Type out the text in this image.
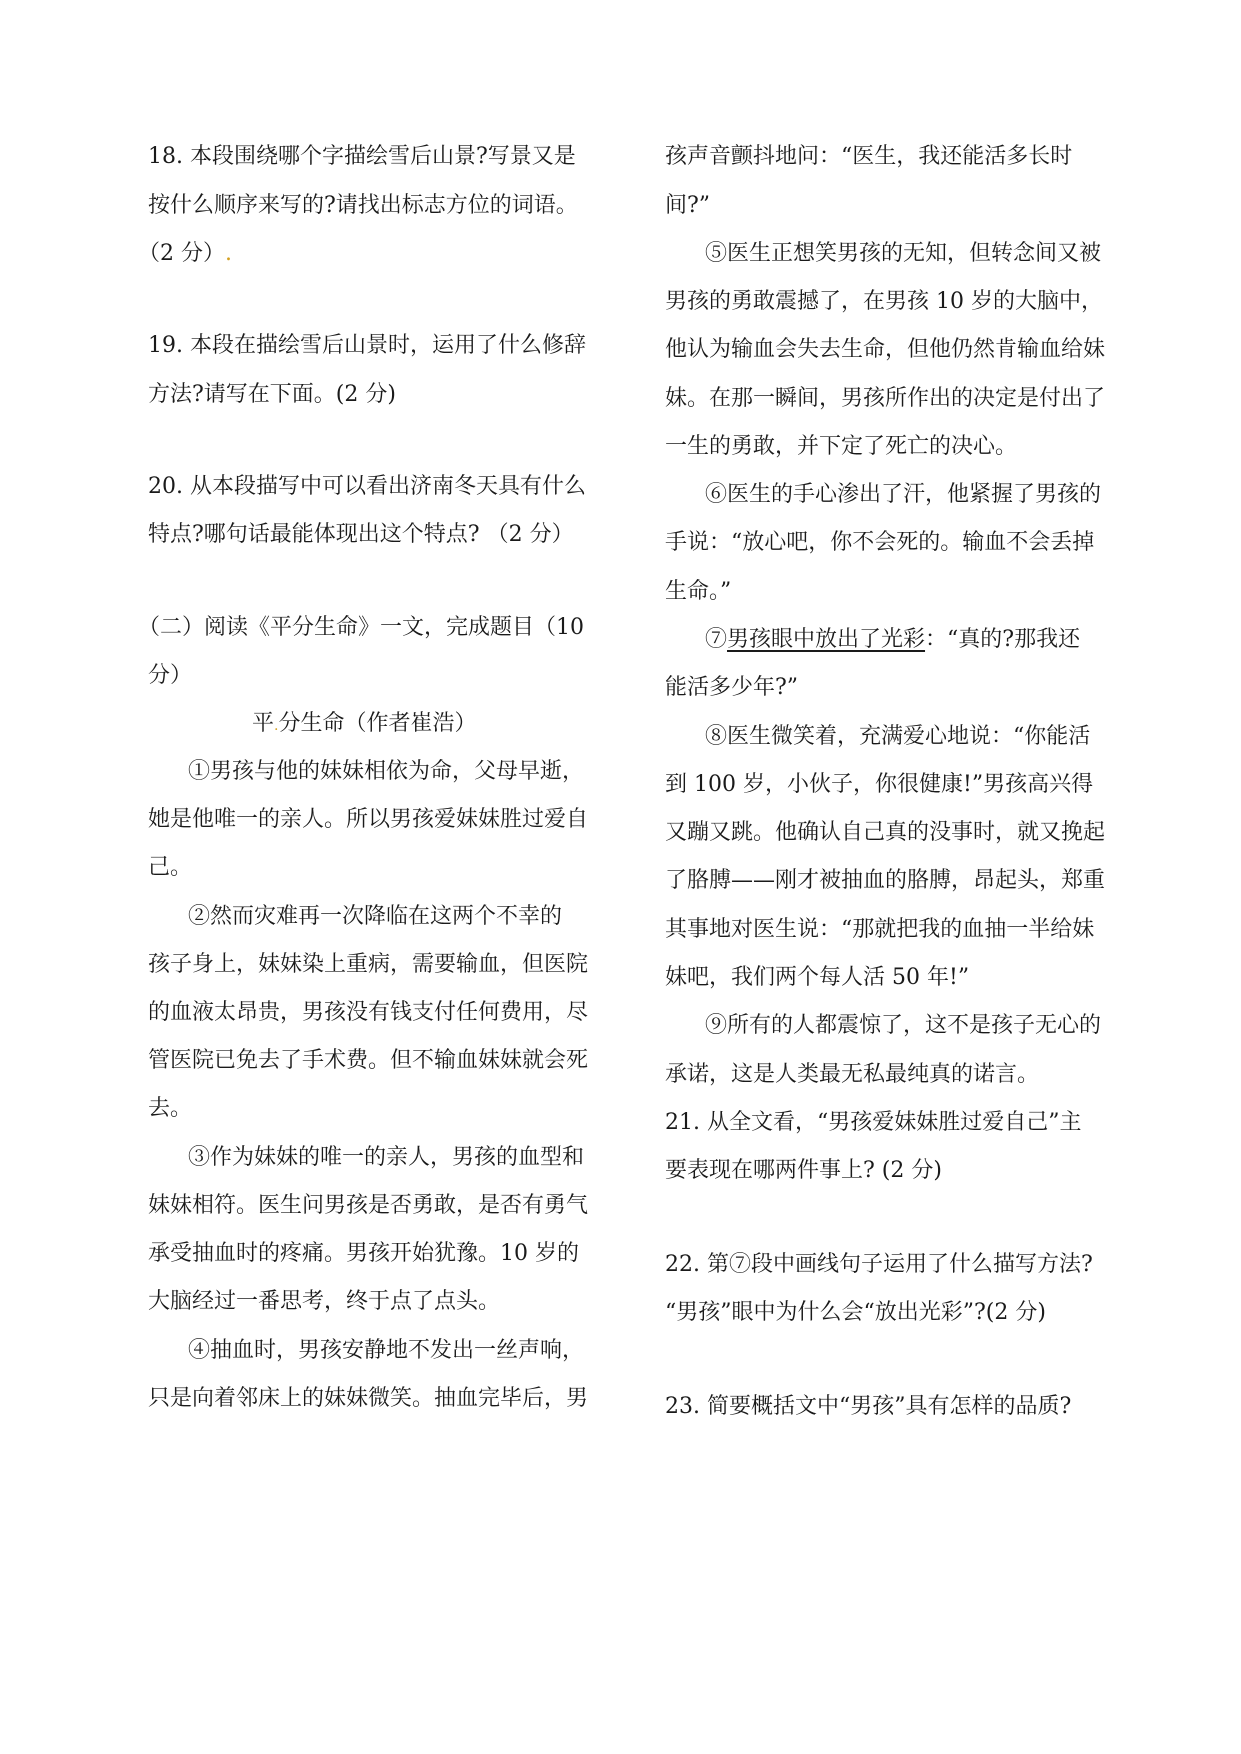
18. 本段围绕哪个字描绘雪后山景?写景又是
按什么顺序来写的?请找出标志方位的词语。
（2 分）.
19. 本段在描绘雪后山景时，运用了什么修辞
方法?请写在下面。(2 分)
20. 从本段描写中可以看出济南冬天具有什么
特点?哪句话最能体现出这个特点? （2 分）
（二）阅读《平分生命》一文，完成题目（10
分）
平.分生命（作者崔浩）
①男孩与他的妹妹相依为命，父母早逝，
她是他唯一的亲人。所以男孩爱妹妹胜过爱自
己。
②然而灾难再一次降临在这两个不幸的
孩子身上，妹妹染上重病，需要输血，但医院
的血液太昂贵，男孩没有钱支付任何费用，尽
管医院已免去了手术费。但不输血妹妹就会死
去。
③作为妹妹的唯一的亲人，男孩的血型和
妹妹相符。医生问男孩是否勇敢，是否有勇气
承受抽血时的疼痛。男孩开始犹豫。10 岁的
大脑经过一番思考，终于点了点头。
④抽血时，男孩安静地不发出一丝声响，
只是向着邻床上的妹妹微笑。抽血完毕后，男
孩声音颤抖地问：“医生，我还能活多长时
间?”
⑤医生正想笑男孩的无知，但转念间又被
男孩的勇敢震撼了，在男孩 10 岁的大脑中，
他认为输血会失去生命，但他仍然肯输血给妹
妹。在那一瞬间，男孩所作出的决定是付出了
一生的勇敢，并下定了死亡的决心。
⑥医生的手心渗出了汗，他紧握了男孩的
手说：“放心吧，你不会死的。输血不会丢掉
生命。”
⑦男孩眼中放出了光彩：“真的?那我还
能活多少年?”
⑧医生微笑着，充满爱心地说：“你能活
到 100 岁，小伙子，你很健康!”男孩高兴得
又蹦又跳。他确认自己真的没事时，就又挽起
了胳膊——刚才被抽血的胳膊，昂起头，郑重
其事地对医生说：“那就把我的血抽一半给妹
妹吧，我们两个每人活 50 年!”
⑨所有的人都震惊了，这不是孩子无心的
承诺，这是人类最无私最纯真的诺言。
21. 从全文看，“男孩爱妹妹胜过爱自己”主
要表现在哪两件事上? (2 分)
22. 第⑦段中画线句子运用了什么描写方法?
“男孩”眼中为什么会“放出光彩”?(2 分)
23. 简要概括文中“男孩”具有怎样的品质?
